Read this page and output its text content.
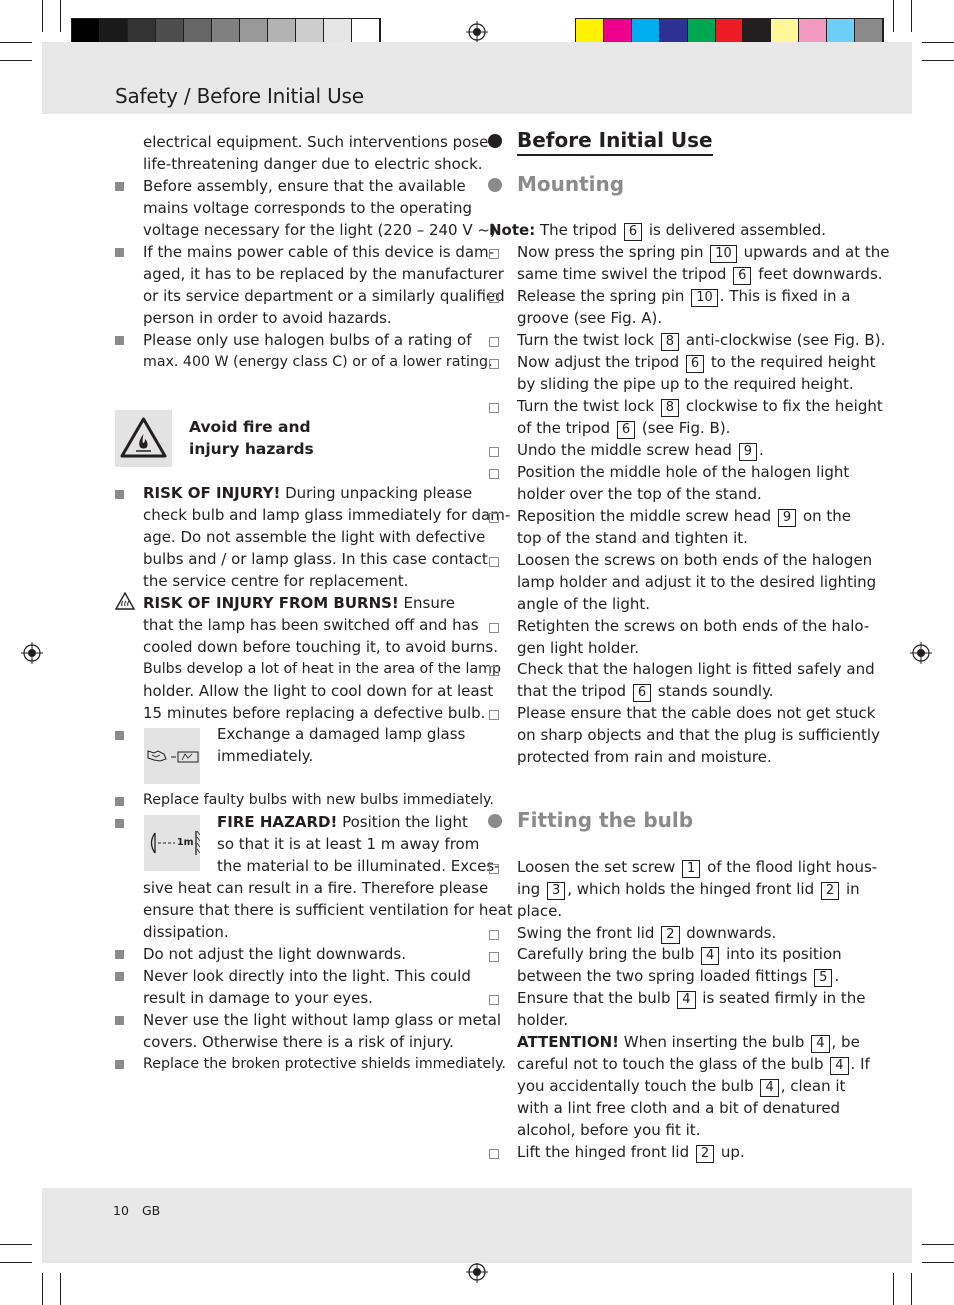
Safety / Before Initial Use
10 GB
electrical equipment. Such interventions pose
life-threatening danger due to electric shock.
Before assembly, ensure that the available
mains voltage corresponds to the operating
voltage necessary for the light (220 – 240 V ~).
If the mains power cable of this device is dam-
aged, it has to be replaced by the manufacturer
or its service department or a similarly qualified
person in order to avoid hazards.
Please only use halogen bulbs of a rating of
max. 400 W (energy class C) or of a lower rating.
Avoid fire and
injury hazards
RISK OF INJURY! During unpacking please
check bulb and lamp glass immediately for dam-
age. Do not assemble the light with defective
bulbs and / or lamp glass. In this case contact
the service centre for replacement.
RISK OF INJURY FROM BURNS! Ensure
that the lamp has been switched off and has
cooled down before touching it, to avoid burns.
Bulbs develop a lot of heat in the area of the lamp
holder. Allow the light to cool down for at least
15 minutes before replacing a defective bulb.
Exchange a damaged lamp glass
immediately.
Replace faulty bulbs with new bulbs immediately.
1m
FIRE HAZARD! Position the light
so that it is at least 1 m away from
the material to be illuminated. Exces-
sive heat can result in a fire. Therefore please
ensure that there is sufficient ventilation for heat
dissipation.
Do not adjust the light downwards.
Never look directly into the light. This could
result in damage to your eyes.
Never use the light without lamp glass or metal
covers. Otherwise there is a risk of injury.
Replace the broken protective shields immediately.
Before Initial Use
Mounting
Note: The tripod 6 is delivered assembled.
Now press the spring pin 10 upwards and at the
same time swivel the tripod 6 feet downwards.
Release the spring pin 10 . This is fixed in a
groove (see Fig. A).
Turn the twist lock 8 anti-clockwise (see Fig. B).
Now adjust the tripod 6 to the required height
by sliding the pipe up to the required height.
Turn the twist lock 8 clockwise to fix the height
of the tripod 6 (see Fig. B).
Undo the middle screw head 9 .
Position the middle hole of the halogen light
holder over the top of the stand.
Reposition the middle screw head 9 on the
top of the stand and tighten it.
Loosen the screws on both ends of the halogen
lamp holder and adjust it to the desired lighting
angle of the light.
Retighten the screws on both ends of the halo-
gen light holder.
Check that the halogen light is fitted safely and
that the tripod 6 stands soundly.
Please ensure that the cable does not get stuck
on sharp objects and that the plug is sufficiently
protected from rain and moisture.
Fitting the bulb
Loosen the set screw 1 of the flood light hous-
ing 3 , which holds the hinged front lid 2 in
place.
Swing the front lid 2 downwards.
Carefully bring the bulb 4 into its position
between the two spring loaded fittings 5 .
Ensure that the bulb 4 is seated firmly in the
holder.
ATTENTION! When inserting the bulb 4 , be
careful not to touch the glass of the bulb 4 . If
you accidentally touch the bulb 4 , clean it
with a lint free cloth and a bit of denatured
alcohol, before you fit it.
Lift the hinged front lid 2 up.
